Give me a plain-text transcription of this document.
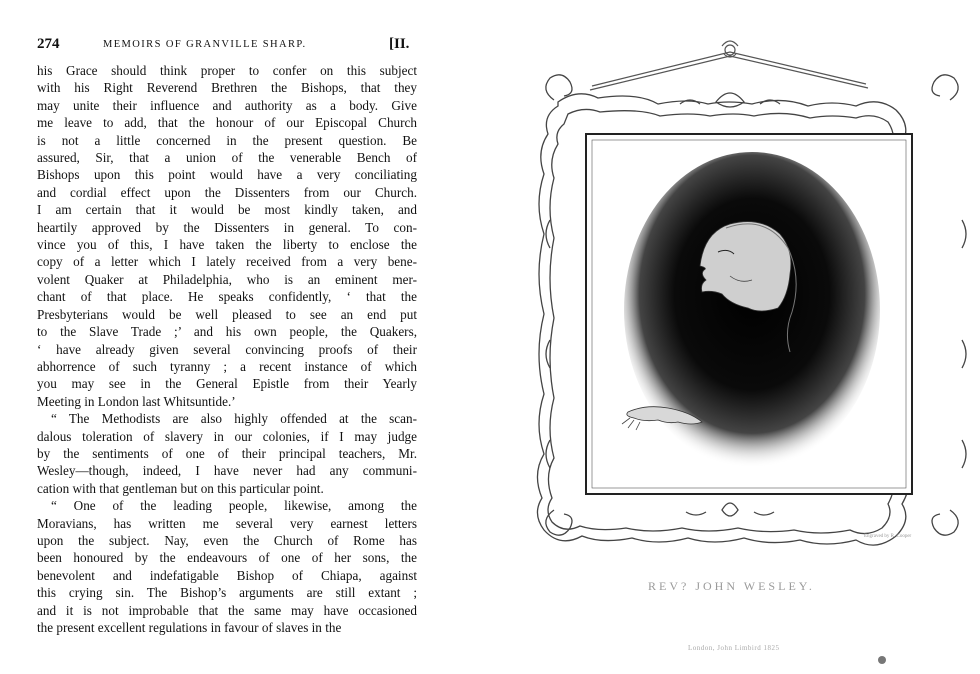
274	MEMOIRS OF GRANVILLE SHARP.	[II.
his Grace should think proper to confer on this subject
with his Right Reverend Brethren the Bishops, that they
may unite their influence and authority as a body. Give
me leave to add, that the honour of our Episcopal Church
is not a little concerned in the present question. Be
assured, Sir, that a union of the venerable Bench of
Bishops upon this point would have a very conciliating
and cordial effect upon the Dissenters from our Church.
I am certain that it would be most kindly taken, and
heartily approved by the Dissenters in general. To con-
vince you of this, I have taken the liberty to enclose the
copy of a letter which I lately received from a very bene-
volent Quaker at Philadelphia, who is an eminent mer-
chant of that place. He speaks confidently, ‘ that the
Presbyterians would be well pleased to see an end put
to the Slave Trade ;’ and his own people, the Quakers,
‘ have already given several convincing proofs of their
abhorrence of such tyranny ; a recent instance of which
you may see in the General Epistle from their Yearly
Meeting in London last Whitsuntide.’
“ The Methodists are also highly offended at the scan-
dalous toleration of slavery in our colonies, if I may judge
by the sentiments of one of their principal teachers, Mr.
Wesley—though, indeed, I have never had any communi-
cation with that gentleman but on this particular point.
“ One of the leading people, likewise, among the
Moravians, has written me several very earnest letters
upon the subject. Nay, even the Church of Rome has
been honoured by the endeavours of one of her sons, the
benevolent and indefatigable Bishop of Chiapa, against
this crying sin. The Bishop’s arguments are still extant ;
and it is not improbable that the same may have occasioned
the present excellent regulations in favour of slaves in the
Engraved by R. Cooper
REV? JOHN WESLEY.
London, John Limbird 1825
